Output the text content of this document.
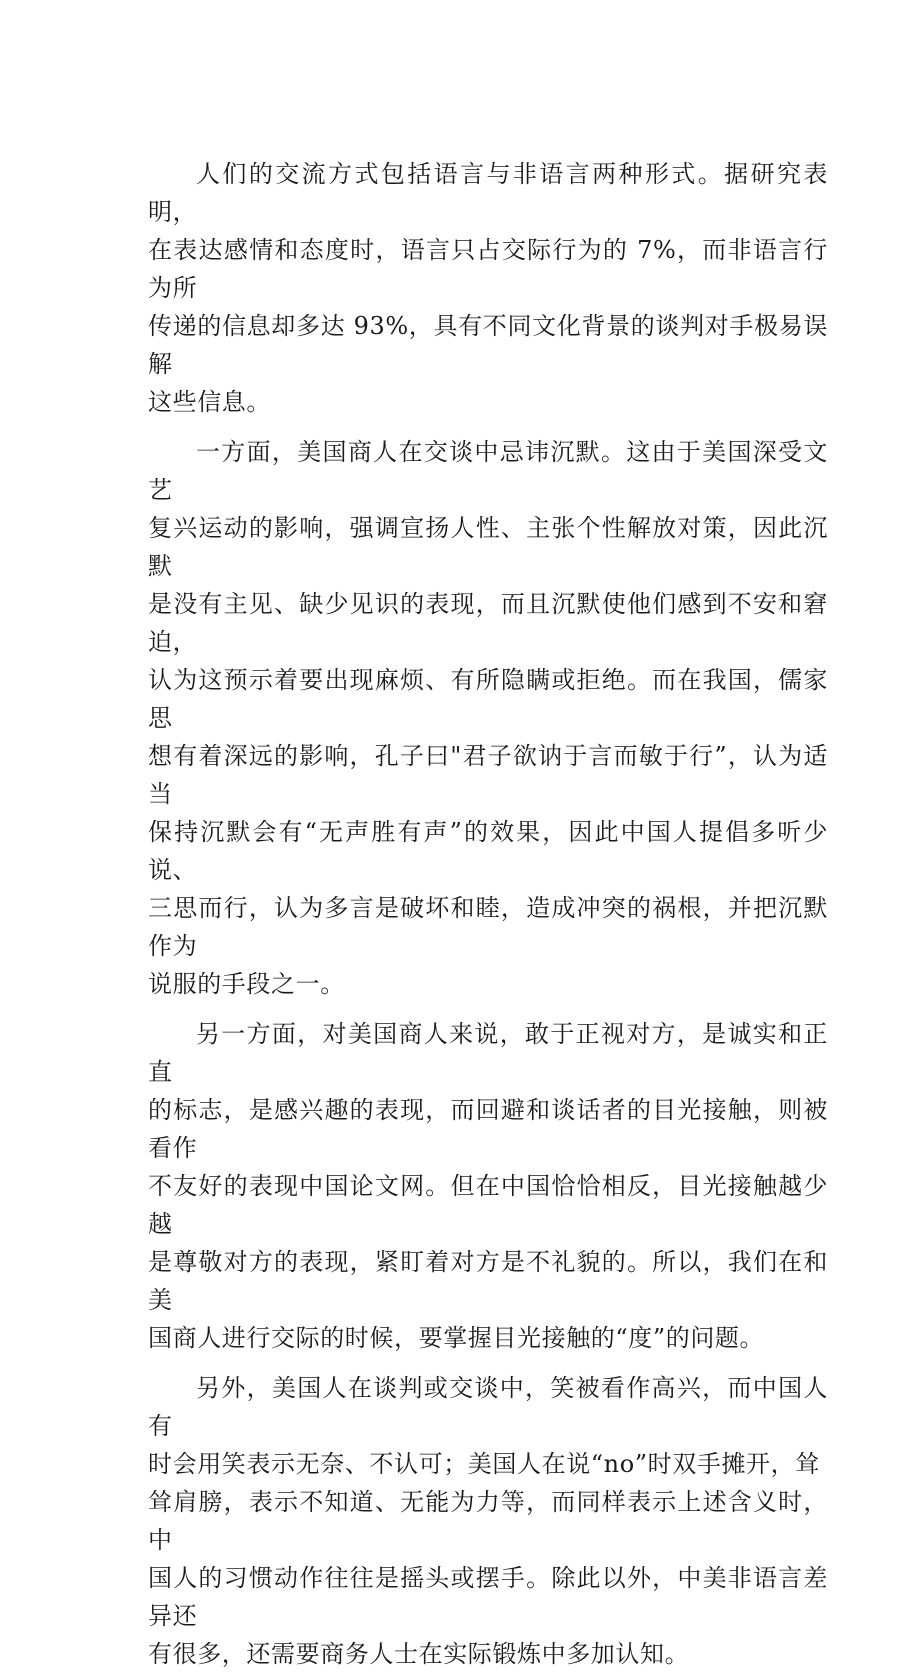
人们的交流方式包括语言与非语言两种形式。据研究表明，
在表达感情和态度时，语言只占交际行为的 7%，而非语言行为所
传递的信息却多达 93%，具有不同文化背景的谈判对手极易误解
这些信息。

一方面，美国商人在交谈中忌讳沉默。这由于美国深受文艺
复兴运动的影响，强调宣扬人性、主张个性解放对策，因此沉默
是没有主见、缺少见识的表现，而且沉默使他们感到不安和窘迫，
认为这预示着要出现麻烦、有所隐瞒或拒绝。而在我国，儒家思
想有着深远的影响，孔子曰"君子欲讷于言而敏于行”，认为适当
保持沉默会有“无声胜有声”的效果，因此中国人提倡多听少说、
三思而行，认为多言是破坏和睦，造成冲突的祸根，并把沉默作为
说服的手段之一。

另一方面，对美国商人来说，敢于正视对方，是诚实和正直
的标志，是感兴趣的表现，而回避和谈话者的目光接触，则被看作
不友好的表现中国论文网。但在中国恰恰相反，目光接触越少越
是尊敬对方的表现，紧盯着对方是不礼貌的。所以，我们在和美
国商人进行交际的时候，要掌握目光接触的“度”的问题。

另外，美国人在谈判或交谈中，笑被看作高兴，而中国人有
时会用笑表示无奈、不认可；美国人在说“no”时双手摊开，耸
耸肩膀，表示不知道、无能为力等，而同样表示上述含义时，中
国人的习惯动作往往是摇头或摆手。除此以外，中美非语言差异还
有很多，还需要商务人士在实际锻炼中多加认知。
